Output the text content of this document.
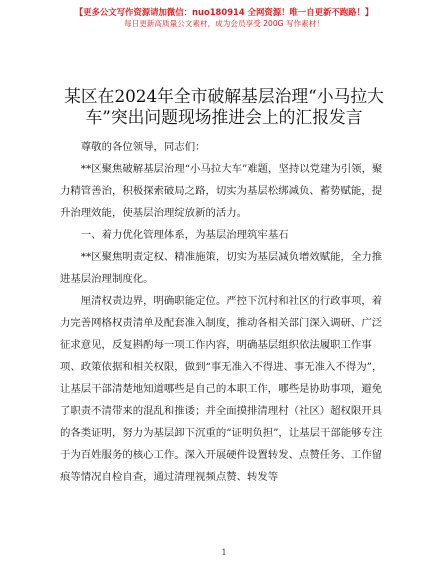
【更多公文写作资源请加微信：nuo180914 全网资源！唯一自更新不跑路！】
每日更新高质量公文素材，成为会员享受 200G 写作素材！
某区在2024年全市破解基层治理“小马拉大
车”突出问题现场推进会上的汇报发言

尊敬的各位领导，同志们：

**区聚焦破解基层治理“小马拉大车”难题，坚持以党建为引领，聚力精管善治，积极探索破局之路，切实为基层松绑减负、蓄势赋能，提升治理效能，使基层治理绽放新的活力。

一、着力优化管理体系，为基层治理筑牢基石

**区聚焦明责定权、精准施策，切实为基层减负增效赋能，全力推进基层治理制度化。

厘清权责边界，明确职能定位。严控下沉村和社区的行政事项，着力完善网格权责清单及配套准入制度，推动各相关部门深入调研、广泛征求意见，反复斟酌每一项工作内容，明确基层组织依法履职工作事项、政策依据和相关权限，做到“事无准入不得进、事无准入不得为”，让基层干部清楚地知道哪些是自己的本职工作，哪些是协助事项，避免了职责不清带来的混乱和推诿；并全面摸排清理村（社区）超权限开具的各类证明，努力为基层卸下沉重的“证明负担”，让基层干部能够专注于为百姓服务的核心工作。深入开展硬件设置转发、点赞任务、工作留痕等情况自检自查，通过清理视频点赞、转发等

1
